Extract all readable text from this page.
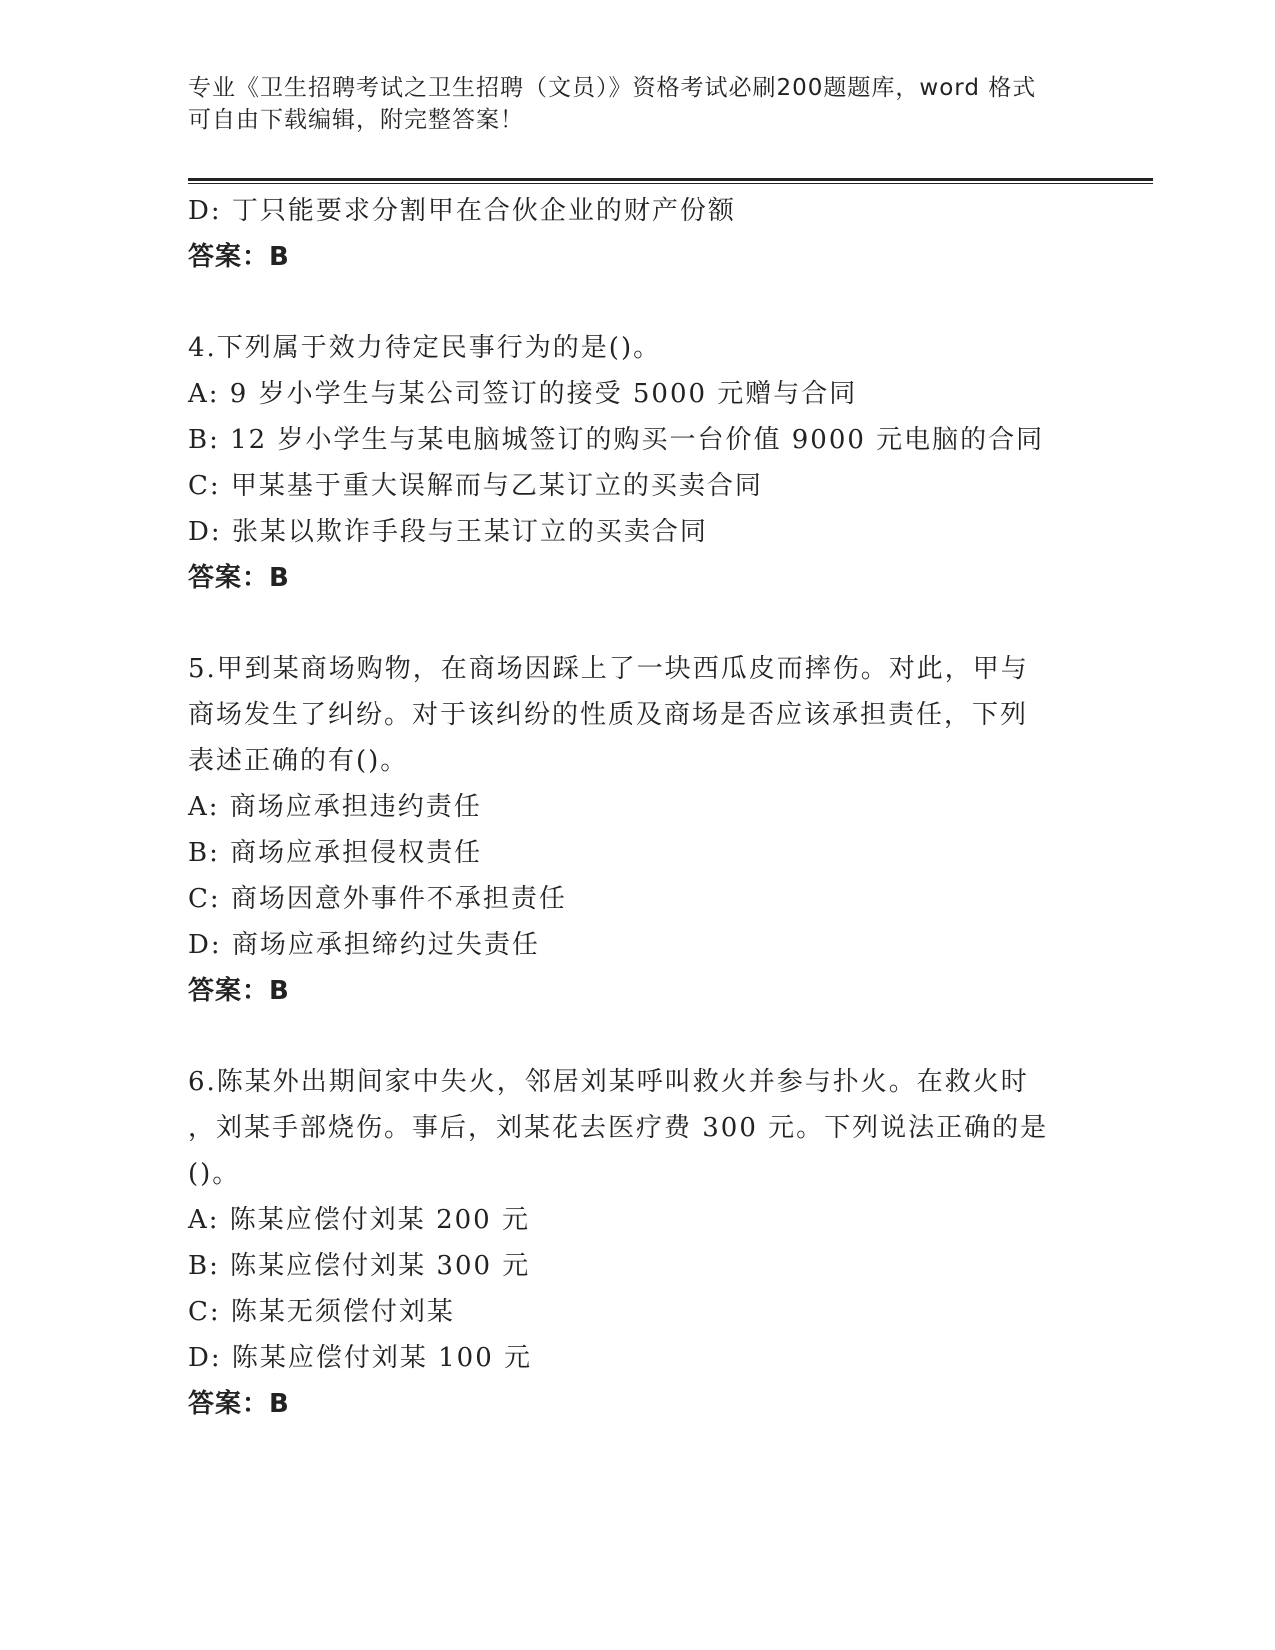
专业《卫生招聘考试之卫生招聘（文员）》资格考试必刷200题题库，word 格式
可自由下载编辑，附完整答案！
D: 丁只能要求分割甲在合伙企业的财产份额
答案：B
4.下列属于效力待定民事行为的是()。
A: 9 岁小学生与某公司签订的接受 5000 元赠与合同
B: 12 岁小学生与某电脑城签订的购买一台价值 9000 元电脑的合同
C: 甲某基于重大误解而与乙某订立的买卖合同
D: 张某以欺诈手段与王某订立的买卖合同
答案：B
5.甲到某商场购物，在商场因踩上了一块西瓜皮而摔伤。对此，甲与
商场发生了纠纷。对于该纠纷的性质及商场是否应该承担责任，下列
表述正确的有()。
A: 商场应承担违约责任
B: 商场应承担侵权责任
C: 商场因意外事件不承担责任
D: 商场应承担缔约过失责任
答案：B
6.陈某外出期间家中失火，邻居刘某呼叫救火并参与扑火。在救火时
，刘某手部烧伤。事后，刘某花去医疗费 300 元。下列说法正确的是
()。
A: 陈某应偿付刘某 200 元
B: 陈某应偿付刘某 300 元
C: 陈某无须偿付刘某
D: 陈某应偿付刘某 100 元
答案：B
